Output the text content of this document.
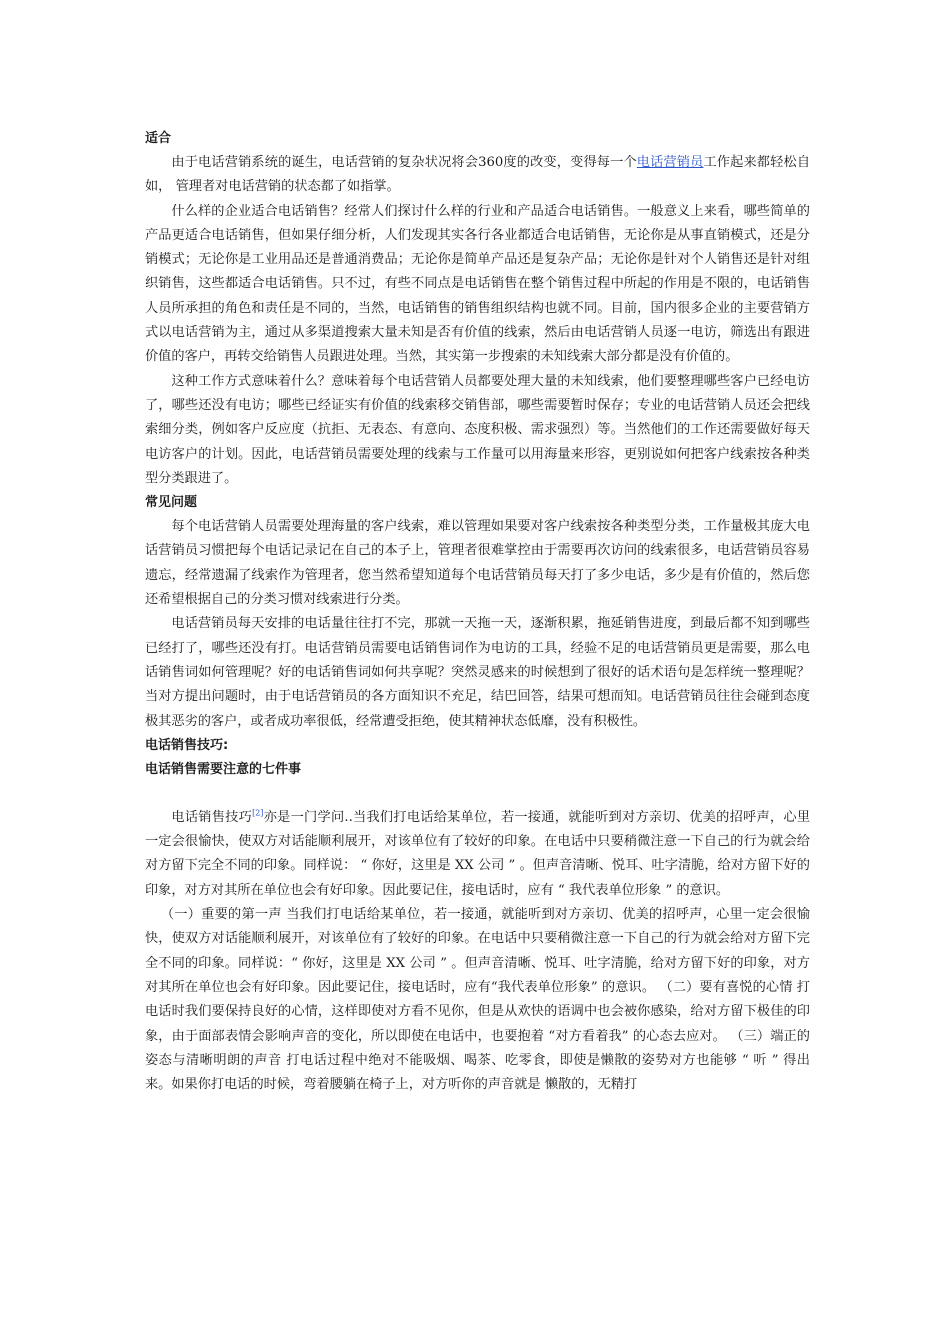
适合

由于电话营销系统的诞生，电话营销的复杂状况将会360度的改变，变得每一个电话营销员工作起来都轻松自如， 管理者对电话营销的状态都了如指掌。

什么样的企业适合电话销售？经常人们探讨什么样的行业和产品适合电话销售。一般意义上来看，哪些简单的产品更适合电话销售，但如果仔细分析，人们发现其实各行各业都适合电话销售，无论你是从事直销模式，还是分销模式；无论你是工业用品还是普通消费品；无论你是简单产品还是复杂产品；无论你是针对个人销售还是针对组织销售，这些都适合电话销售。只不过，有些不同点是电话销售在整个销售过程中所起的作用是不限的，电话销售人员所承担的角色和责任是不同的，当然，电话销售的销售组织结构也就不同。目前，国内很多企业的主要营销方式以电话营销为主，通过从多渠道搜索大量未知是否有价值的线索，然后由电话营销人员逐一电访，筛选出有跟进价值的客户，再转交给销售人员跟进处理。当然，其实第一步搜索的未知线索大部分都是没有价值的。

这种工作方式意味着什么？意味着每个电话营销人员都要处理大量的未知线索，他们要整理哪些客户已经电访了，哪些还没有电访；哪些已经证实有价值的线索移交销售部，哪些需要暂时保存；专业的电话营销人员还会把线索细分类，例如客户反应度（抗拒、无表态、有意向、态度积极、需求强烈）等。当然他们的工作还需要做好每天电访客户的计划。因此，电话营销员需要处理的线索与工作量可以用海量来形容，更别说如何把客户线索按各种类型分类跟进了。

常见问题

每个电话营销人员需要处理海量的客户线索，难以管理如果要对客户线索按各种类型分类，工作量极其庞大电话营销员习惯把每个电话记录记在自己的本子上，管理者很难掌控由于需要再次访问的线索很多，电话营销员容易遗忘，经常遗漏了线索作为管理者，您当然希望知道每个电话营销员每天打了多少电话，多少是有价值的，然后您还希望根据自己的分类习惯对线索进行分类。

电话营销员每天安排的电话量往往打不完，那就一天拖一天，逐渐积累，拖延销售进度，到最后都不知到哪些已经打了，哪些还没有打。电话营销员需要电话销售词作为电访的工具，经验不足的电话营销员更是需要，那么电话销售词如何管理呢？好的电话销售词如何共享呢？突然灵感来的时候想到了很好的话术语句是怎样统一整理呢？当对方提出问题时，由于电话营销员的各方面知识不充足，结巴回答，结果可想而知。电话营销员往往会碰到态度极其恶劣的客户，或者成功率很低，经常遭受拒绝，使其精神状态低靡，没有积极性。

电话销售技巧:
电话销售需要注意的七件事

电话销售技巧[2]亦是一门学问..当我们打电话给某单位，若一接通，就能听到对方亲切、优美的招呼声，心里一定会很愉快，使双方对话能顺利展开，对该单位有了较好的印象。在电话中只要稍微注意一下自己的行为就会给对方留下完全不同的印象。同样说： “ 你好，这里是 XX 公司 ” 。但声音清晰、悦耳、吐字清脆，给对方留下好的印象，对方对其所在单位也会有好印象。因此要记住，接电话时，应有 “ 我代表单位形象 ” 的意识。

（一）重要的第一声 当我们打电话给某单位，若一接通，就能听到对方亲切、优美的招呼声，心里一定会很愉快，使双方对话能顺利展开，对该单位有了较好的印象。在电话中只要稍微注意一下自己的行为就会给对方留下完全不同的印象。同样说：“ 你好，这里是 XX 公司 ” 。但声音清晰、悦耳、吐字清脆，给对方留下好的印象，对方对其所在单位也会有好印象。因此要记住，接电话时，应有“我代表单位形象” 的意识。 （二）要有喜悦的心情 打电话时我们要保持良好的心情，这样即使对方看不见你，但是从欢快的语调中也会被你感染，给对方留下极佳的印象，由于面部表情会影响声音的变化，所以即使在电话中，也要抱着 “对方看着我” 的心态去应对。 （三）端正的姿态与清晰明朗的声音 打电话过程中绝对不能吸烟、喝茶、吃零食，即使是懒散的姿势对方也能够 “ 听 ” 得出来。如果你打电话的时候，弯着腰躺在椅子上，对方听你的声音就是 懒散的，无精打
